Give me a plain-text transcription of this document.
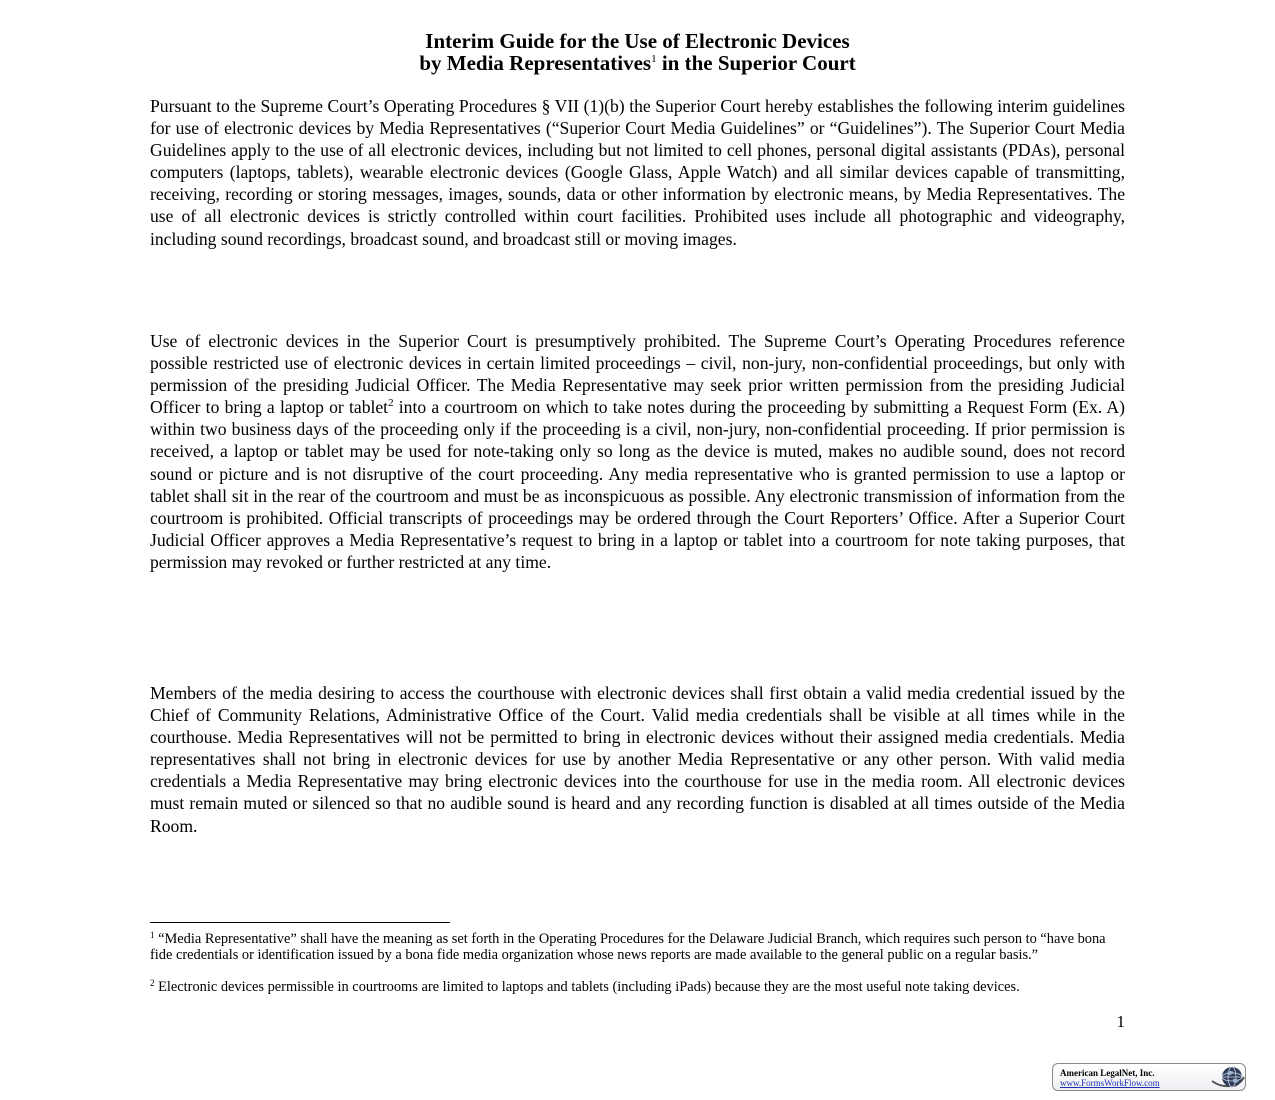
Interim Guide for the Use of Electronic Devices
by Media Representatives$^1$ in the Superior Court

Pursuant to the Supreme Court’s Operating Procedures § VII (1)(b) the Superior Court hereby establishes the following interim guidelines for use of electronic devices by Media Representatives (“Superior Court Media Guidelines” or “Guidelines”). The Superior Court Media Guidelines apply to the use of all electronic devices, including but not limited to cell phones, personal digital assistants (PDAs), personal computers (laptops, tablets), wearable electronic devices (Google Glass, Apple Watch) and all similar devices capable of transmitting, receiving, recording or storing messages, images, sounds, data or other information by electronic means, by Media Representatives. The use of all electronic devices is strictly controlled within court facilities. Prohibited uses include all photographic and videography, including sound recordings, broadcast sound, and broadcast still or moving images.

Use of electronic devices in the Superior Court is presumptively prohibited. The Supreme Court’s Operating Procedures reference possible restricted use of electronic devices in certain limited proceedings – civil, non-jury, non-confidential proceedings, but only with permission of the presiding Judicial Officer. The Media Representative may seek prior written permission from the presiding Judicial Officer to bring a laptop or tablet$^2$ into a courtroom on which to take notes during the proceeding by submitting a Request Form (Ex. A) within two business days of the proceeding only if the proceeding is a civil, non-jury, non-confidential proceeding. If prior permission is received, a laptop or tablet may be used for note-taking only so long as the device is muted, makes no audible sound, does not record sound or picture and is not disruptive of the court proceeding. Any media representative who is granted permission to use a laptop or tablet shall sit in the rear of the courtroom and must be as inconspicuous as possible. Any electronic transmission of information from the courtroom is prohibited. Official transcripts of proceedings may be ordered through the Court Reporters’ Office. After a Superior Court Judicial Officer approves a Media Representative’s request to bring in a laptop or tablet into a courtroom for note taking purposes, that permission may revoked or further restricted at any time.

Members of the media desiring to access the courthouse with electronic devices shall first obtain a valid media credential issued by the Chief of Community Relations, Administrative Office of the Court. Valid media credentials shall be visible at all times while in the courthouse. Media Representatives will not be permitted to bring in electronic devices without their assigned media credentials. Media representatives shall not bring in electronic devices for use by another Media Representative or any other person. With valid media credentials a Media Representative may bring electronic devices into the courthouse for use in the media room. All electronic devices must remain muted or silenced so that no audible sound is heard and any recording function is disabled at all times outside of the Media Room.

$^1$ “Media Representative” shall have the meaning as set forth in the Operating Procedures for the Delaware Judicial Branch, which requires such person to “have bona fide credentials or identification issued by a bona fide media organization whose news reports are made available to the general public on a regular basis.”

$^2$ Electronic devices permissible in courtrooms are limited to laptops and tablets (including iPads) because they are the most useful note taking devices.

1
American LegalNet, Inc.
www.FormsWorkFlow.com
